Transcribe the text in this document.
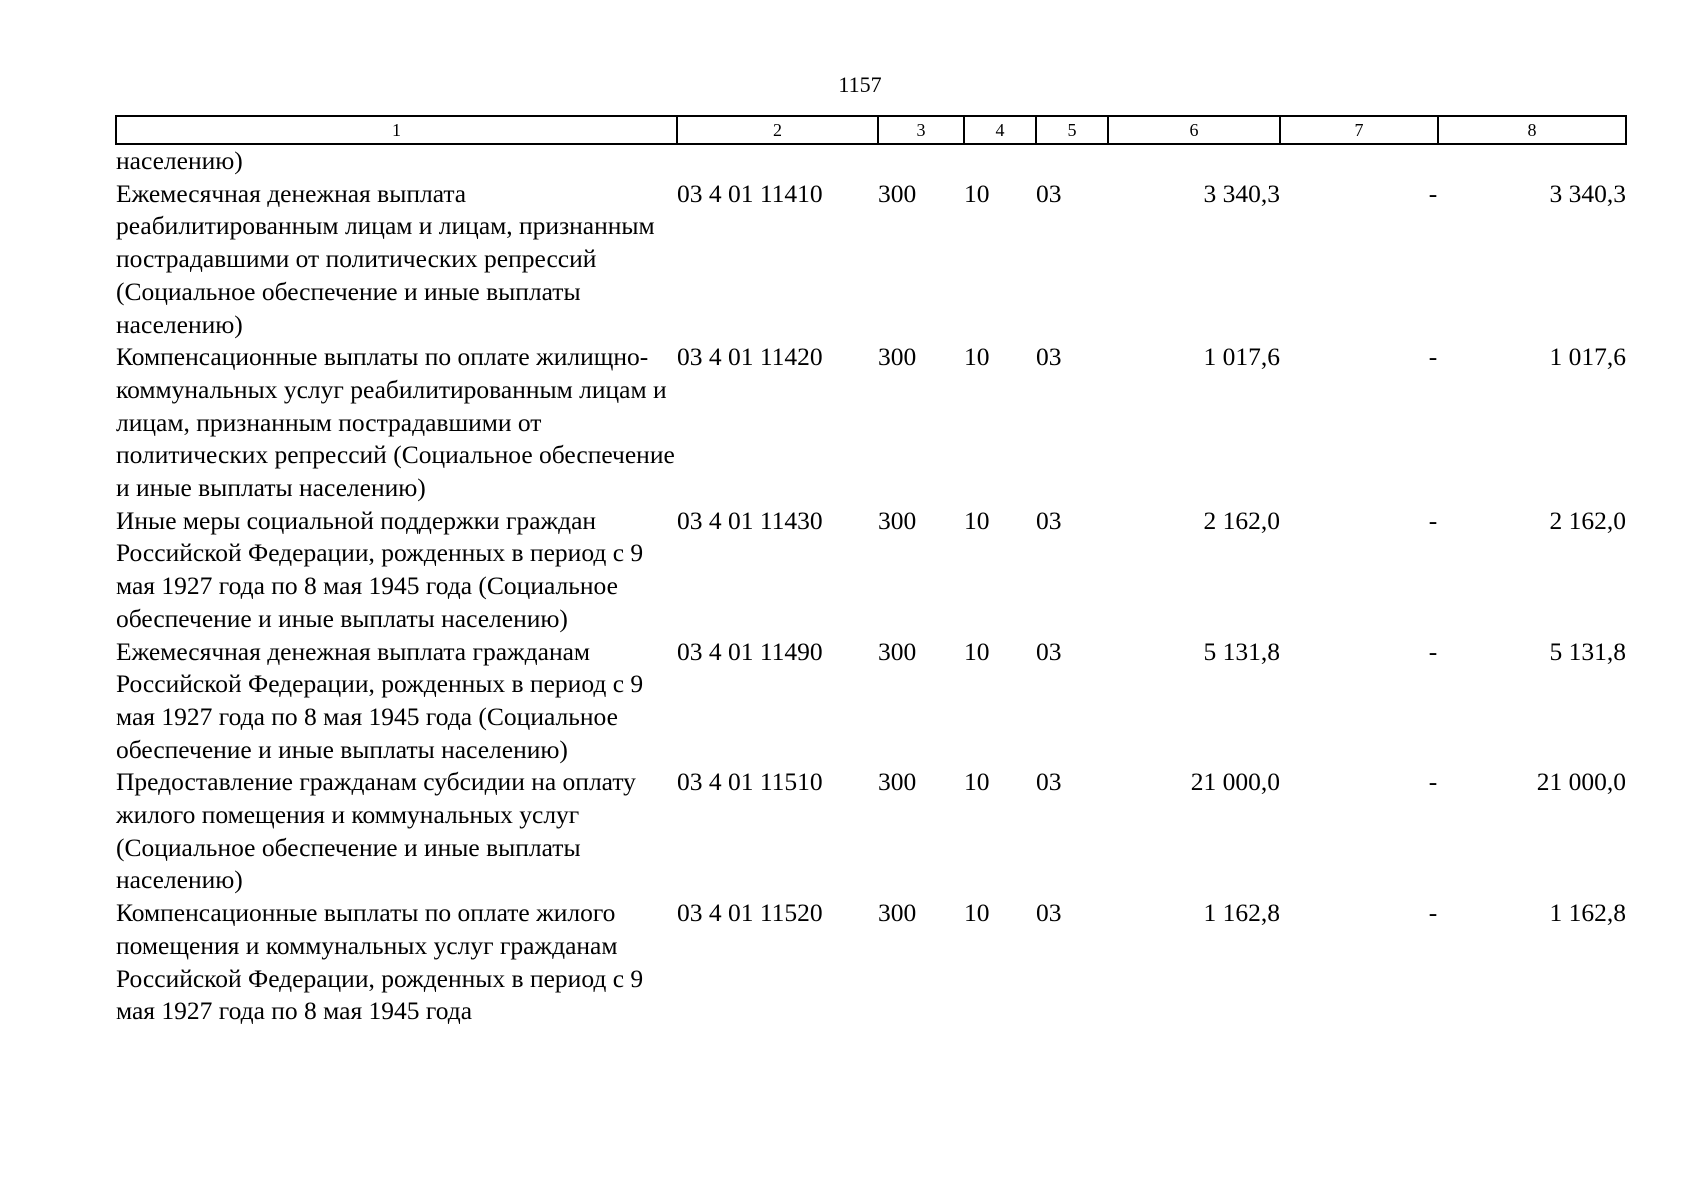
1157
1	2	3	4	5	6	7	8
населению)							
Ежемесячная денежная выплата реабилитированным лицам и лицам, признанным пострадавшими от политических репрессий (Социальное обеспечение и иные выплаты населению)	03 4 01 11410	300	10	03	3 340,3	-	3 340,3
Компенсационные выплаты по оплате жилищно-коммунальных услуг реабилитированным лицам и лицам, признанным пострадавшими от политических репрессий (Социальное обеспечение и иные выплаты населению)	03 4 01 11420	300	10	03	1 017,6	-	1 017,6
Иные меры социальной поддержки граждан Российской Федерации, рожденных в период с 9 мая 1927 года по 8 мая 1945 года (Социальное обеспечение и иные выплаты населению)	03 4 01 11430	300	10	03	2 162,0	-	2 162,0
Ежемесячная денежная выплата гражданам Российской Федерации, рожденных в период с 9 мая 1927 года по 8 мая 1945 года (Социальное обеспечение и иные выплаты населению)	03 4 01 11490	300	10	03	5 131,8	-	5 131,8
Предоставление гражданам субсидии на оплату жилого помещения и коммунальных услуг (Социальное обеспечение и иные выплаты населению)	03 4 01 11510	300	10	03	21 000,0	-	21 000,0
Компенсационные выплаты по оплате жилого помещения и коммунальных услуг гражданам Российской Федерации, рожденных в период с 9 мая 1927 года по 8 мая 1945 года	03 4 01 11520	300	10	03	1 162,8	-	1 162,8
